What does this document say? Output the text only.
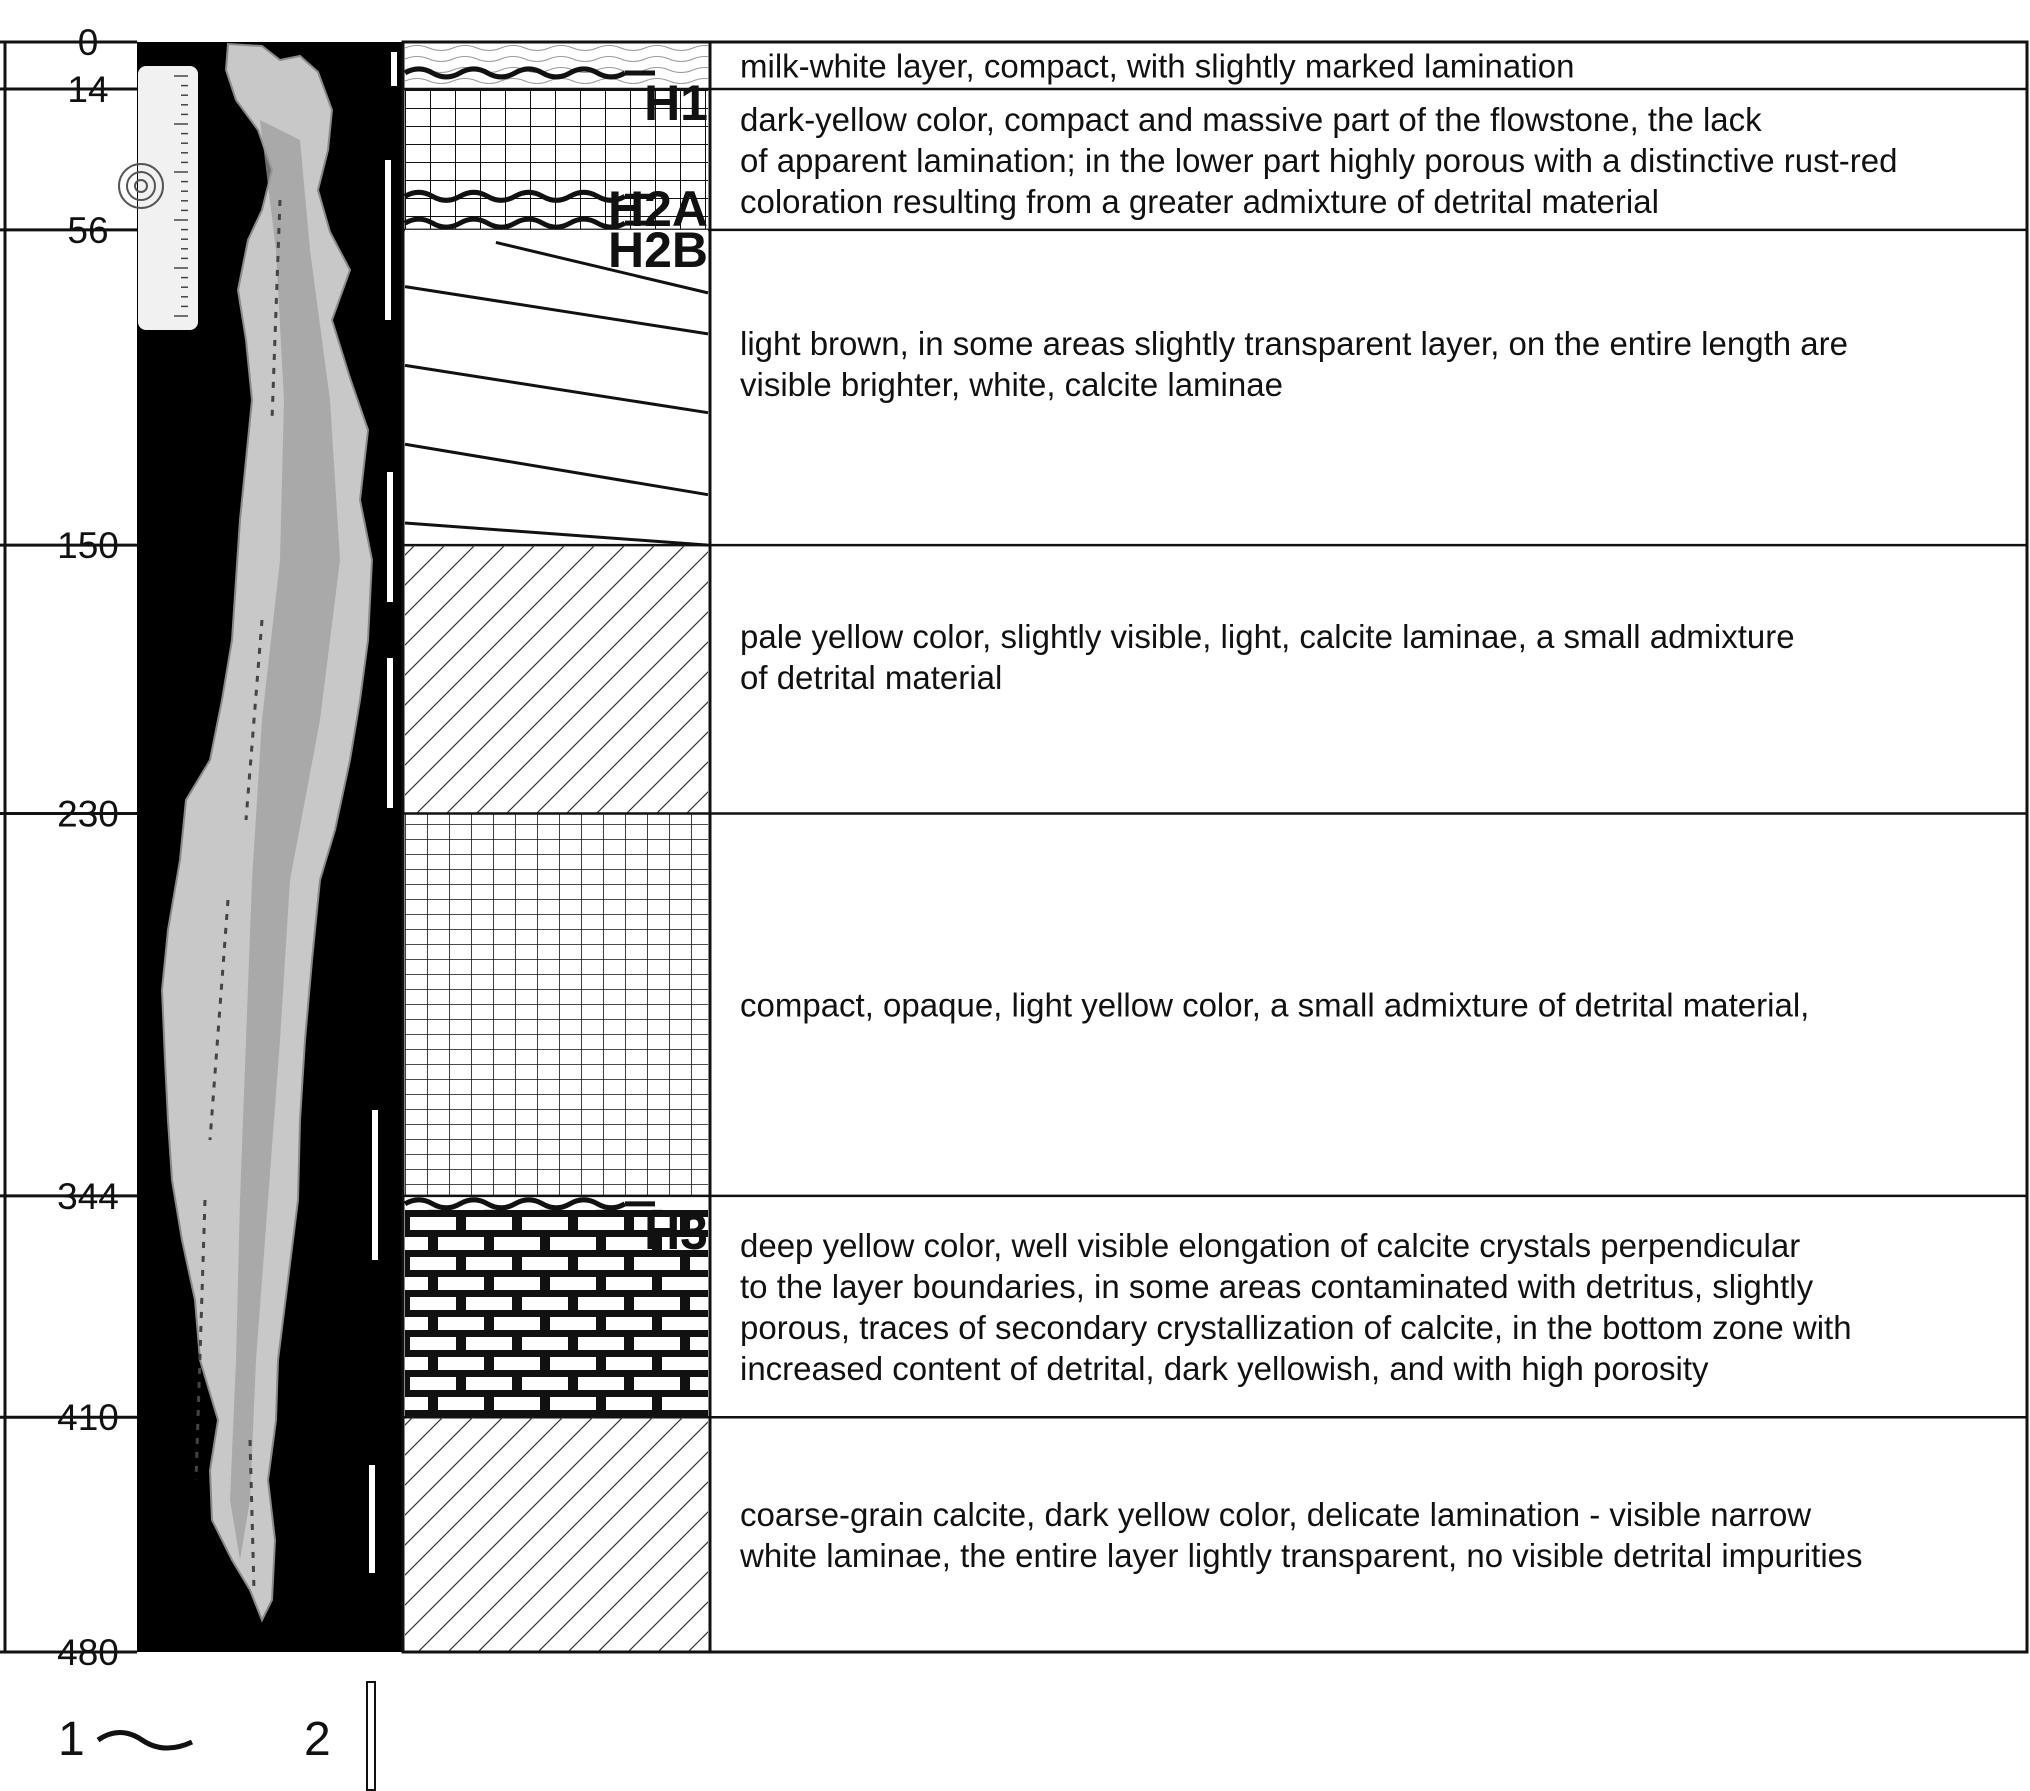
0
14
56
150
230
344
410
480
H1
H2A
H2B
H3
milk-white layer, compact, with slightly marked lamination
dark-yellow color, compact and massive part of the flowstone, the lack of apparent lamination; in the lower part highly porous with a distinctive rust-red coloration resulting from a greater admixture of detrital material
light brown, in some areas slightly transparent layer, on the entire length are visible brighter, white, calcite laminae
pale yellow color, slightly visible, light, calcite laminae, a small admixture of detrital material
compact, opaque, light yellow color, a small admixture of detrital material,
deep yellow color, well visible elongation of calcite crystals perpendicular to the layer boundaries, in some areas contaminated with detritus, slightly porous, traces of secondary crystallization of calcite, in the bottom zone with increased content of detrital, dark yellowish, and with high porosity
coarse-grain calcite, dark yellow color, delicate lamination - visible narrow white laminae, the entire layer lightly transparent, no visible detrital impurities
1	2
